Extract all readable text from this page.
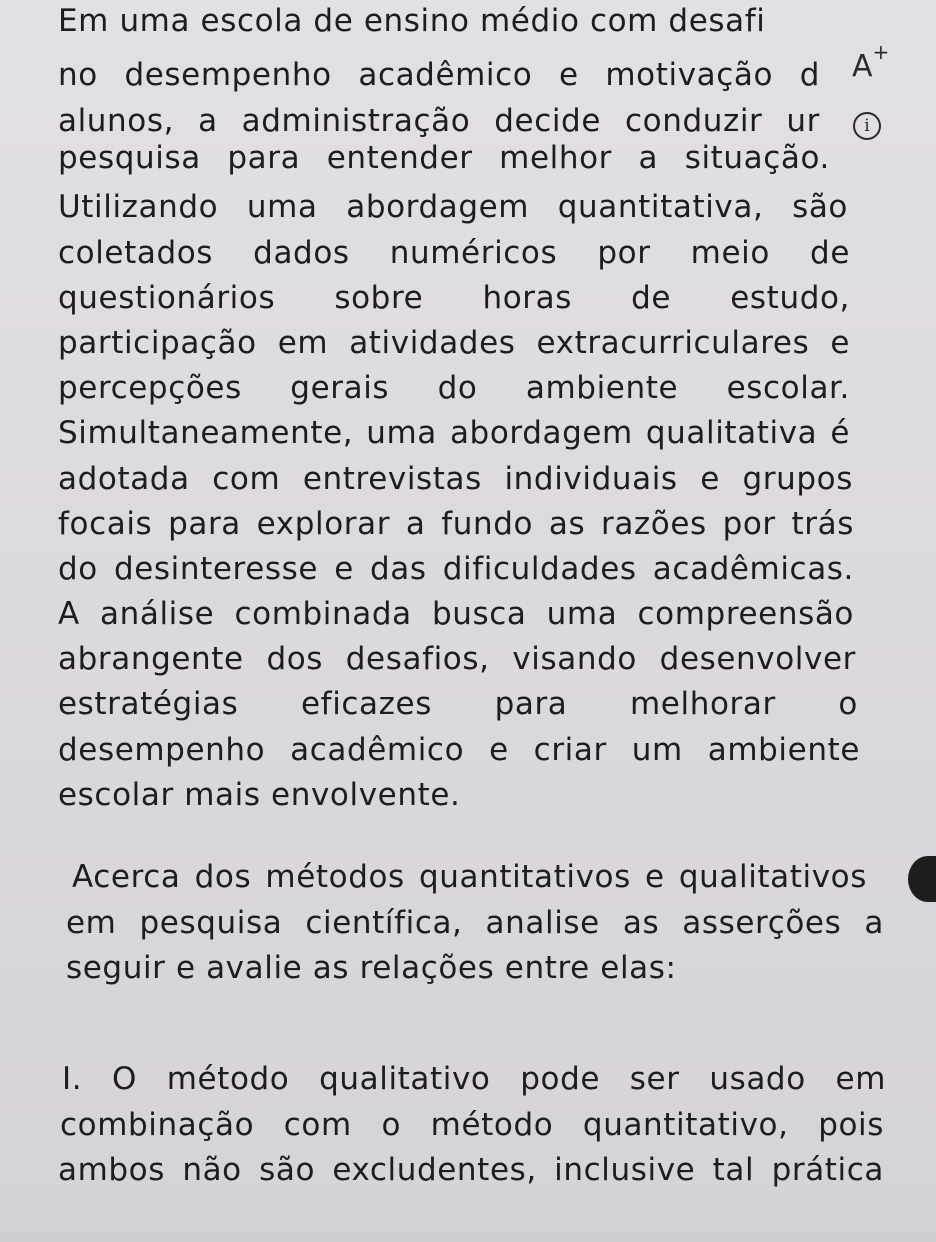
Em uma escola de ensino médio com desafi
no desempenho acadêmico e motivação d
alunos, a administração decide conduzir ur
pesquisa para entender melhor a situação.
Utilizando uma abordagem quantitativa, são
coletados dados numéricos por meio de
questionários sobre horas de estudo,
participação em atividades extracurriculares e
percepções gerais do ambiente escolar.
Simultaneamente, uma abordagem qualitativa é
adotada com entrevistas individuais e grupos
focais para explorar a fundo as razões por trás
do desinteresse e das dificuldades acadêmicas.
A análise combinada busca uma compreensão
abrangente dos desafios, visando desenvolver
estratégias eficazes para melhorar o
desempenho acadêmico e criar um ambiente
escolar mais envolvente.
Acerca dos métodos quantitativos e qualitativos
em pesquisa científica, analise as asserções a
seguir e avalie as relações entre elas:
I. O método qualitativo pode ser usado em
combinação com o método quantitativo, pois
ambos não são excludentes, inclusive tal prática
A+
i
